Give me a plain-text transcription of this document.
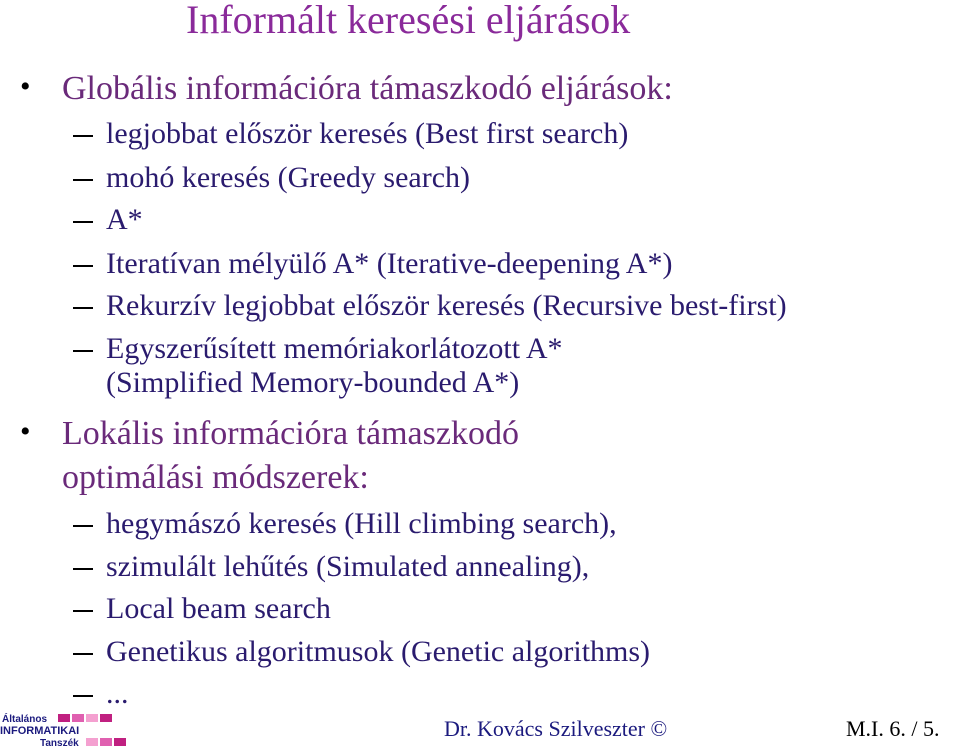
Informált keresési eljárások
• Globális információra támaszkodó eljárások:
legjobbat először keresés (Best first search)
mohó keresés (Greedy search)
A*
Iteratívan mélyülő A* (Iterative-deepening A*)
Rekurzív legjobbat először keresés (Recursive best-first)
Egyszerűsített memóriakorlátozott A*
(Simplified Memory-bounded A*)
• Lokális információra támaszkodó
optimálási módszerek:
hegymászó keresés (Hill climbing search),
szimulált lehűtés (Simulated annealing),
Local beam search
Genetikus algoritmusok (Genetic algorithms)
...
Általános
INFORMATIKAI
Tanszék
Dr. Kovács Szilveszter ©	M.I. 6. / 5.
